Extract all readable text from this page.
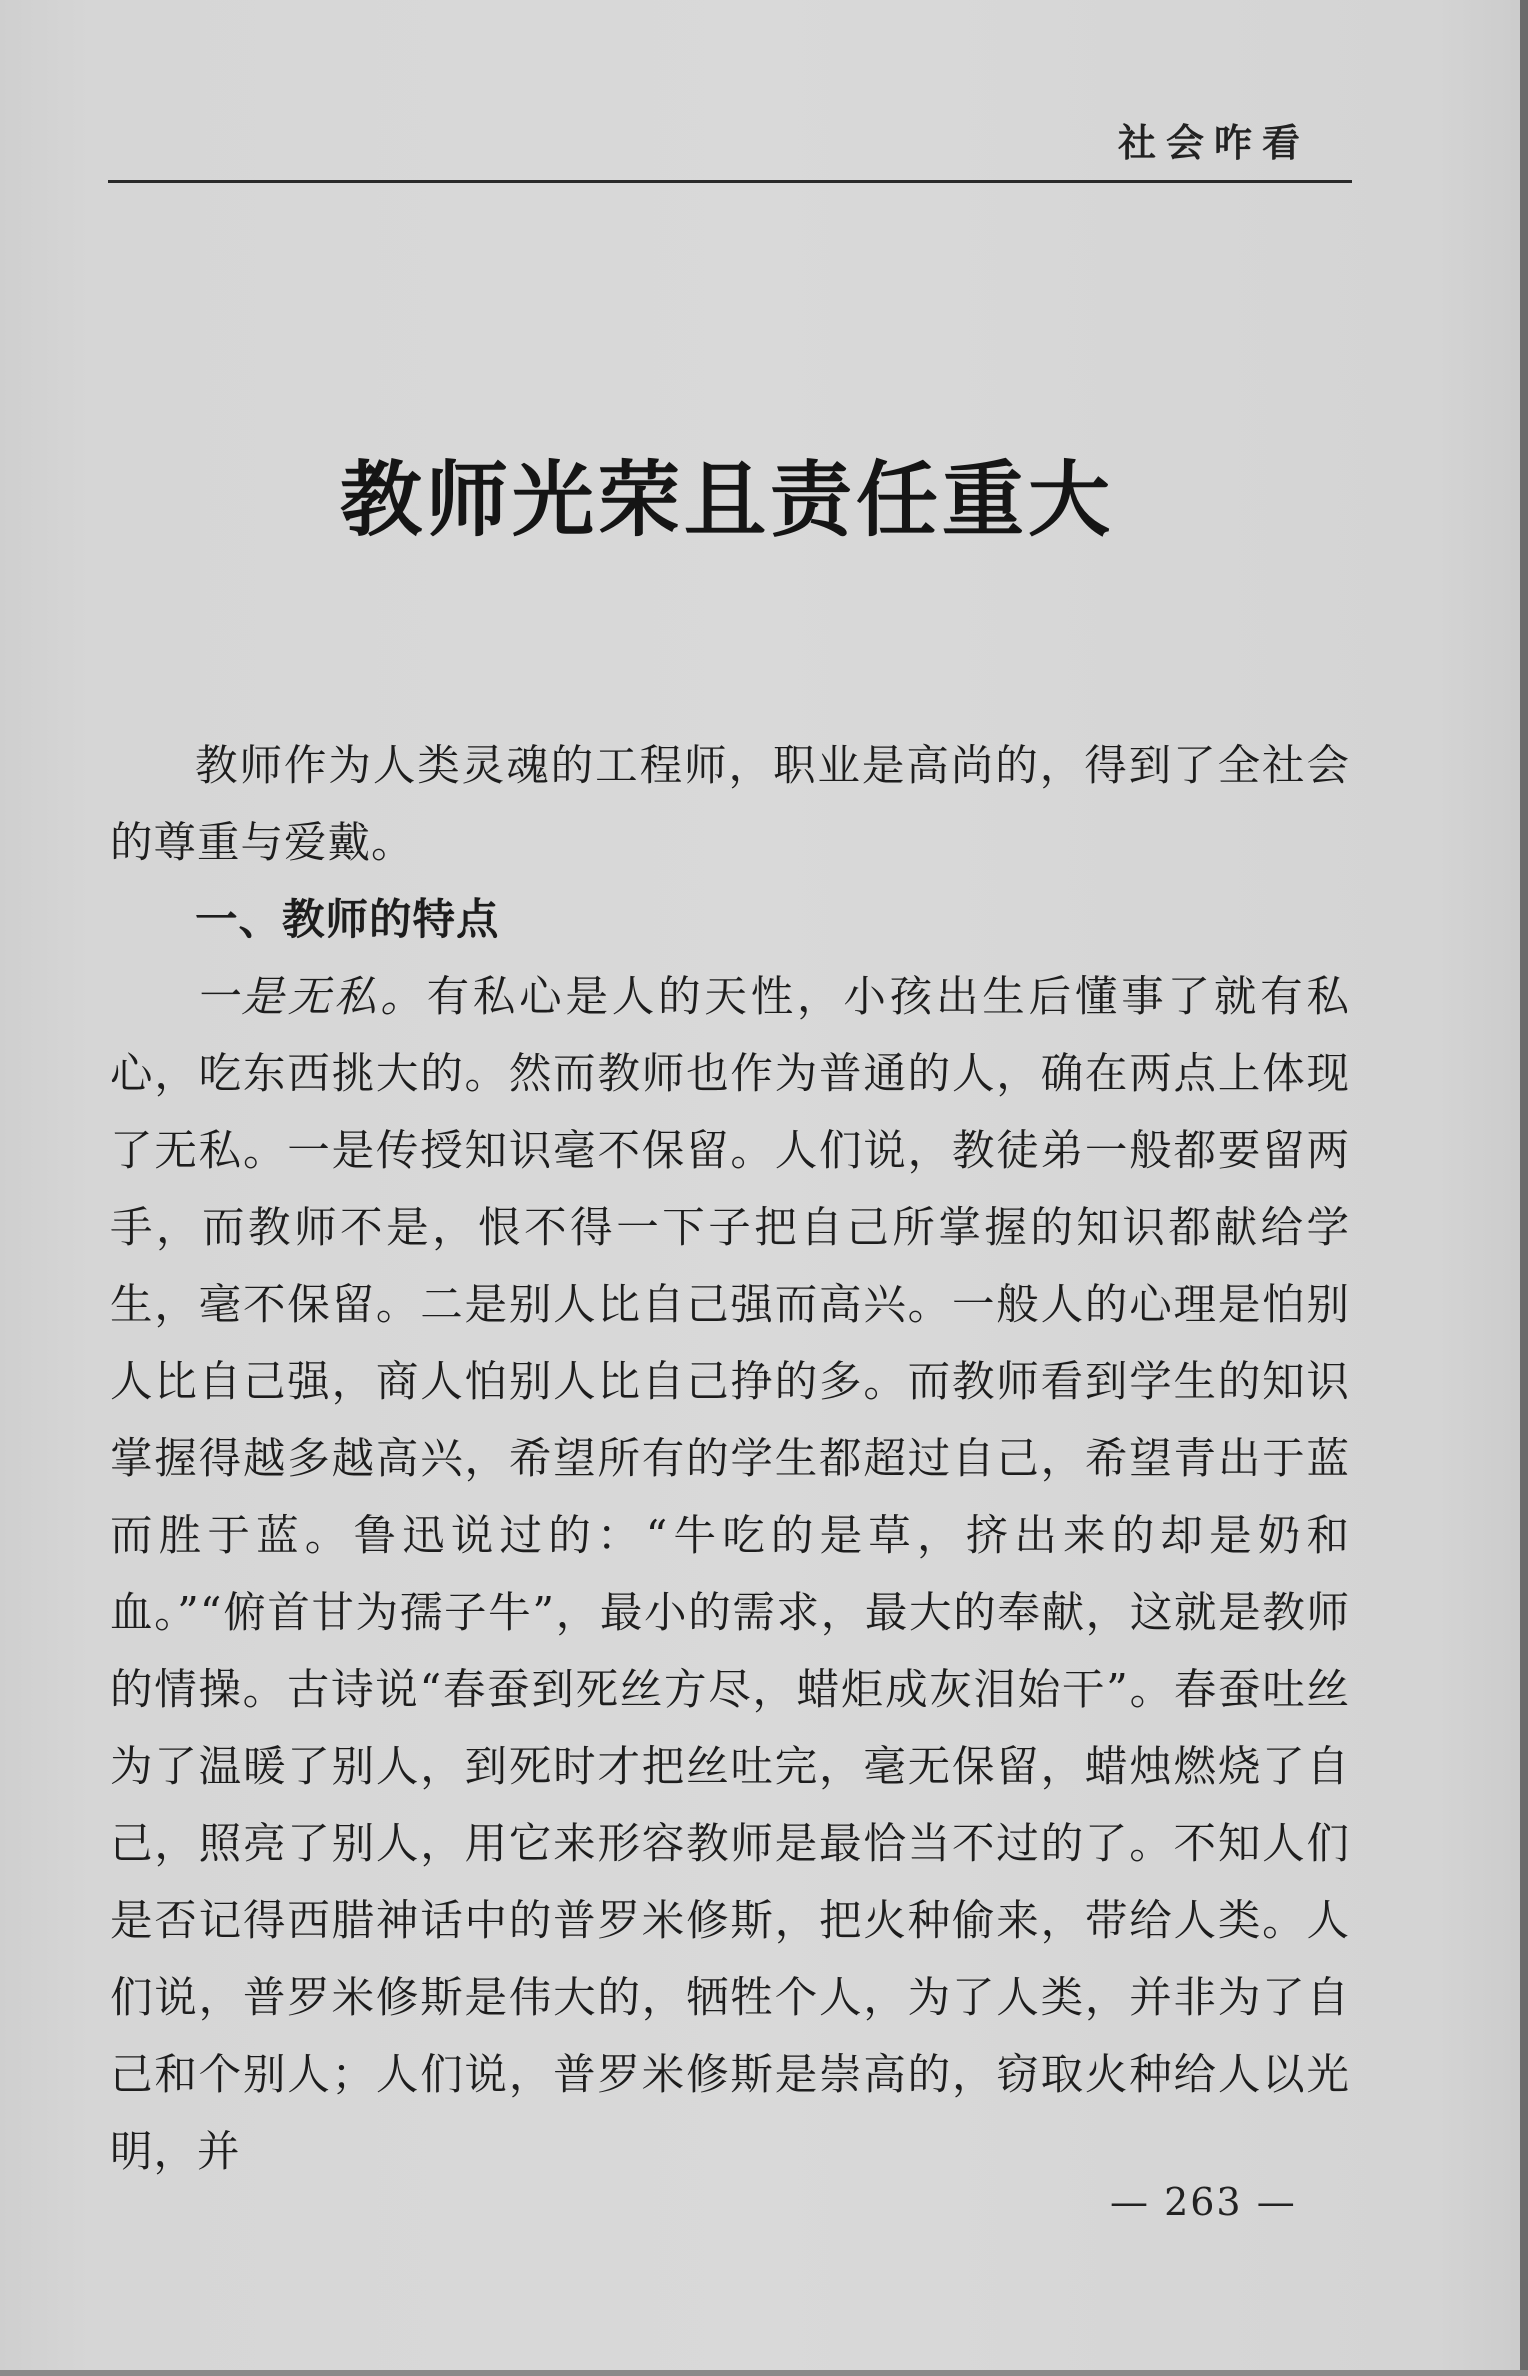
社会咋看
教师光荣且责任重大

教师作为人类灵魂的工程师，职业是高尚的，得到了全社会的尊重与爱戴。

一、教师的特点

一是无私。有私心是人的天性，小孩出生后懂事了就有私心，吃东西挑大的。然而教师也作为普通的人，确在两点上体现了无私。一是传授知识毫不保留。人们说，教徒弟一般都要留两手，而教师不是，恨不得一下子把自己所掌握的知识都献给学生，毫不保留。二是别人比自己强而高兴。一般人的心理是怕别人比自己强，商人怕别人比自己挣的多。而教师看到学生的知识掌握得越多越高兴，希望所有的学生都超过自己，希望青出于蓝而胜于蓝。鲁迅说过的：“牛吃的是草，挤出来的却是奶和血。”“俯首甘为孺子牛”，最小的需求，最大的奉献，这就是教师的情操。古诗说“春蚕到死丝方尽，蜡炬成灰泪始干”。春蚕吐丝为了温暖了别人，到死时才把丝吐完，毫无保留，蜡烛燃烧了自己，照亮了别人，用它来形容教师是最恰当不过的了。不知人们是否记得西腊神话中的普罗米修斯，把火种偷来，带给人类。人们说，普罗米修斯是伟大的，牺牲个人，为了人类，并非为了自己和个别人；人们说，普罗米修斯是崇高的，窃取火种给人以光明，并

— 263 —
